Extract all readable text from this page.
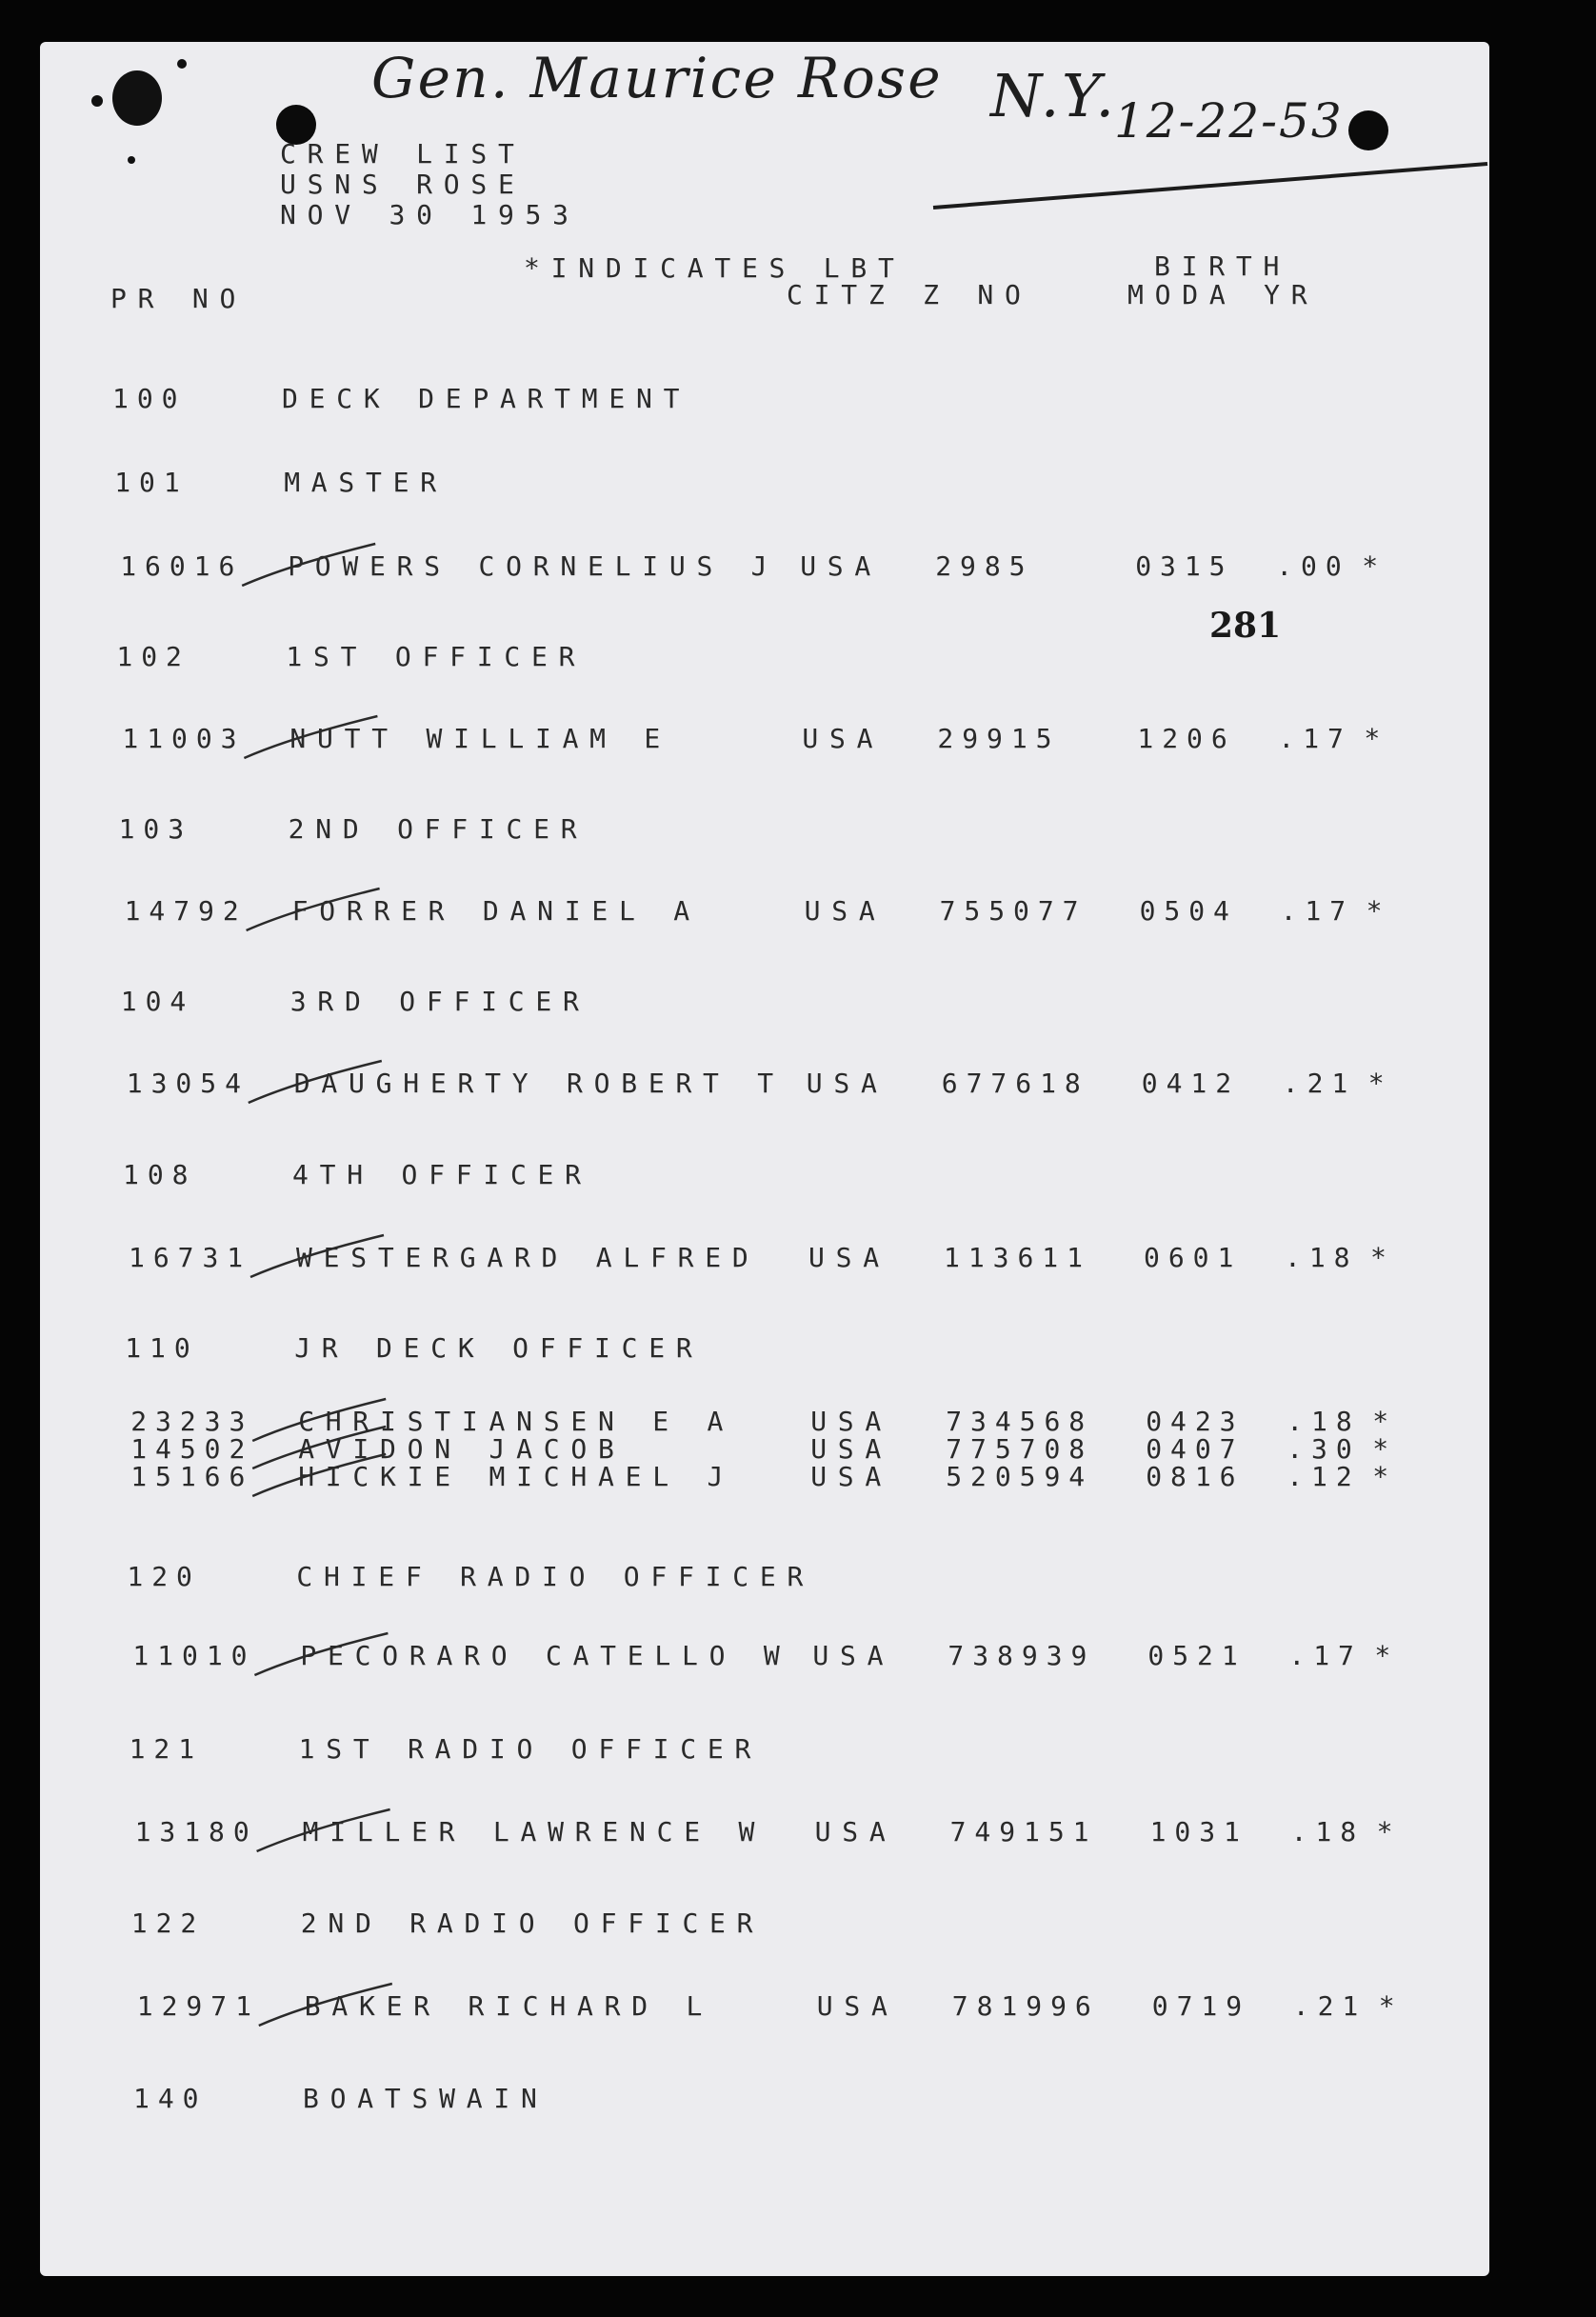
Gen. Maurice Rose N.Y.
12-22-53
281
CREW LIST
USNS ROSE
NOV 30 1953
*INDICATES LBT	BIRTH
PR NO	CITZ Z NO	MODA YR
100	DECK DEPARTMENT
101	MASTER
16016 POWERS CORNELIUS J USA 2985	0315 .00 *
102	1ST OFFICER
11003 NUTT WILLIAM E	USA 29915	1206 .17 *
103	2ND OFFICER
14792 FORRER DANIEL A	USA 755077 0504 .17 *
104	3RD OFFICER
13054 DAUGHERTY ROBERT T USA 677618 0412 .21 *
108	4TH OFFICER
16731 WESTERGARD ALFRED USA 113611 0601 .18 *
110	JR DECK OFFICER
23233 CHRISTIANSEN E A	USA 734568 0423 .18 *
14502 AVIDON JACOB	USA 775708 0407 .30 *
15166 HICKIE MICHAEL J	USA 520594 0816 .12 *
120	CHIEF RADIO OFFICER
11010 PECORARO CATELLO W USA 738939 0521 .17 *
121	1ST RADIO OFFICER
13180 MILLER LAWRENCE W USA 749151 1031 .18 *
122	2ND RADIO OFFICER
12971 BAKER RICHARD L	USA 781996 0719 .21 *
140	BOATSWAIN
